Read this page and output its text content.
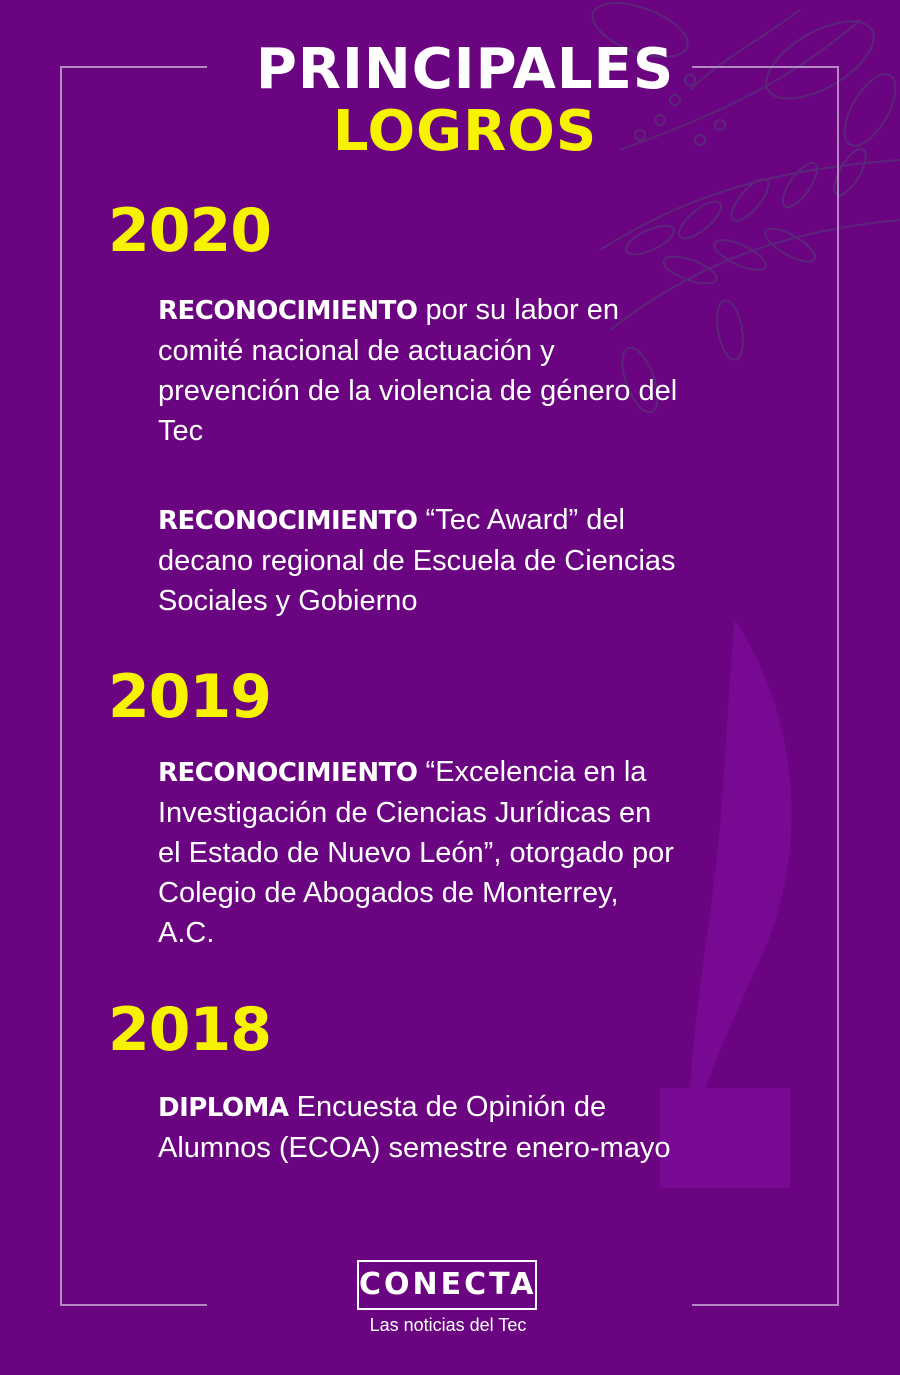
PRINCIPALES
LOGROS
2020
RECONOCIMIENTO por su labor en comité nacional de actuación y prevención de la violencia de género del Tec
RECONOCIMIENTO “Tec Award” del decano regional de Escuela de Ciencias Sociales y Gobierno
2019
RECONOCIMIENTO “Excelencia en la Investigación de Ciencias Jurídicas en el Estado de Nuevo León”, otorgado por Colegio de Abogados de Monterrey, A.C.
2018
DIPLOMA Encuesta de Opinión de Alumnos (ECOA) semestre enero-mayo
CONECTA
Las noticias del Tec
